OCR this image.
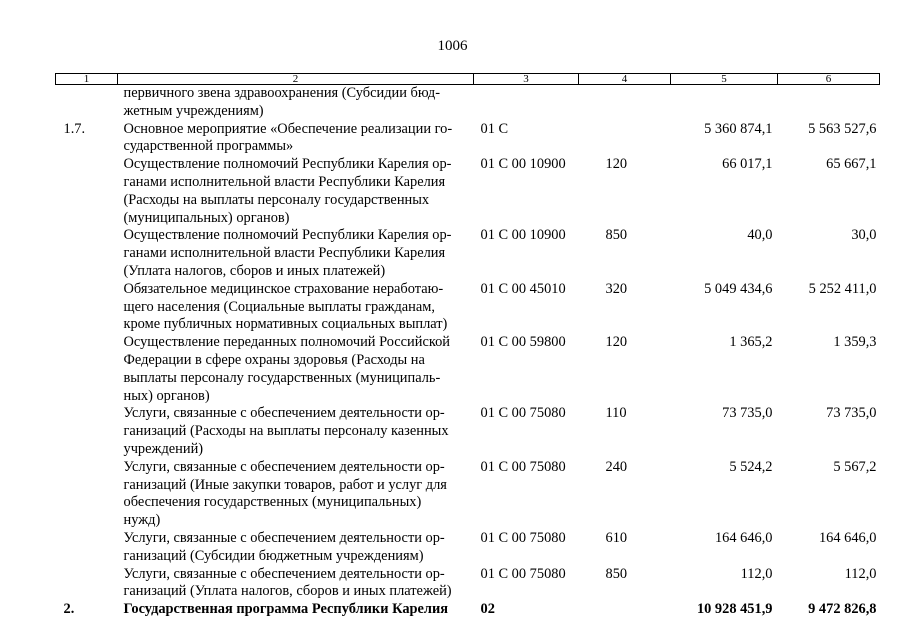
1006
1	2	3	4	5	6

	первичного звена здравоохранения (Субсидии бюд-
жетным учреждениям)				

1.7.	Основное мероприятие «Обеспечение реализации го-
сударственной программы»	01 С		5 360 874,1	5 563 527,6

	Осуществление полномочий Республики Карелия ор-
ганами исполнительной власти Республики Карелия
(Расходы на выплаты персоналу государственных
(муниципальных) органов)	01 С 00 10900	120	66 017,1	65 667,1

	Осуществление полномочий Республики Карелия ор-
ганами исполнительной власти Республики Карелия
(Уплата налогов, сборов и иных платежей)	01 С 00 10900	850	40,0	30,0

	Обязательное медицинское страхование неработаю-
щего населения (Социальные выплаты гражданам,
кроме публичных нормативных социальных выплат)	01 С 00 45010	320	5 049 434,6	5 252 411,0

	Осуществление переданных полномочий Российской
Федерации в сфере охраны здоровья (Расходы на
выплаты персоналу государственных (муниципаль-
ных) органов)	01 С 00 59800	120	1 365,2	1 359,3

	Услуги, связанные с обеспечением деятельности ор-
ганизаций (Расходы на выплаты персоналу казенных
учреждений)	01 С 00 75080	110	73 735,0	73 735,0

	Услуги, связанные с обеспечением деятельности ор-
ганизаций (Иные закупки товаров, работ и услуг для
обеспечения государственных (муниципальных)
нужд)	01 С 00 75080	240	5 524,2	5 567,2

	Услуги, связанные с обеспечением деятельности ор-
ганизаций (Субсидии бюджетным учреждениям)	01 С 00 75080	610	164 646,0	164 646,0

	Услуги, связанные с обеспечением деятельности ор-
ганизаций (Уплата налогов, сборов и иных платежей)	01 С 00 75080	850	112,0	112,0
2.	Государственная программа Республики Карелия	02		10 928 451,9	9 472 826,8
